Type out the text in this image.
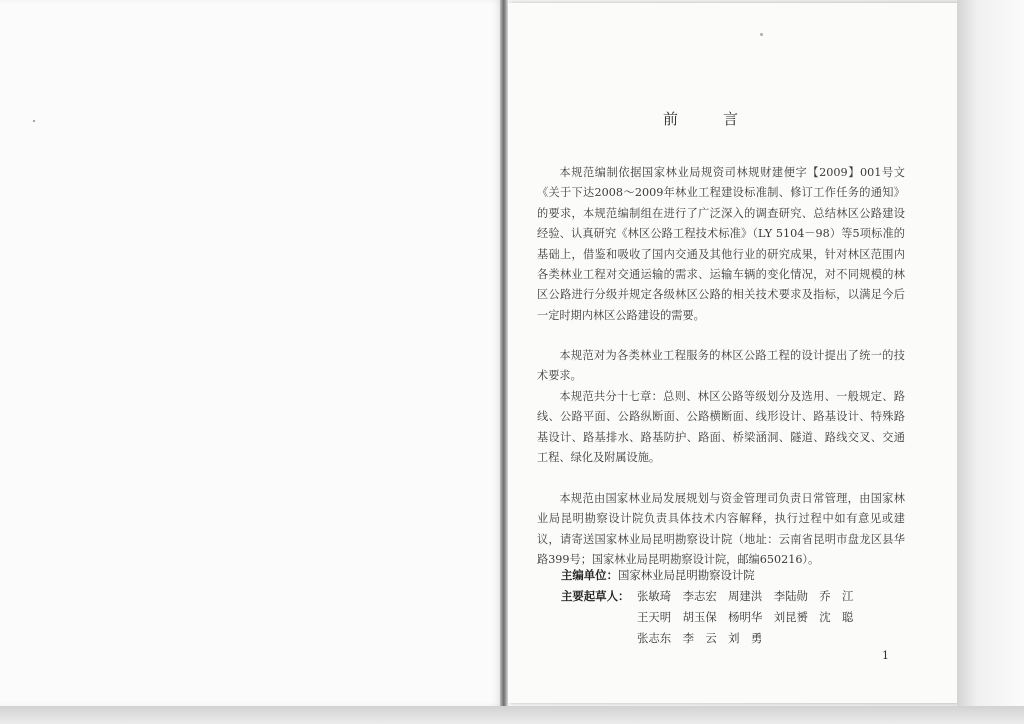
前　言

本规范编制依据国家林业局规资司林规财建便字【2009】001号文《关于下达2008～2009年林业工程建设标准制、修订工作任务的通知》的要求，本规范编制组在进行了广泛深入的调查研究、总结林区公路建设经验、认真研究《林区公路工程技术标准》（LY 5104－98）等5项标准的基础上，借鉴和吸收了国内交通及其他行业的研究成果，针对林区范围内各类林业工程对交通运输的需求、运输车辆的变化情况，对不同规模的林区公路进行分级并规定各级林区公路的相关技术要求及指标，以满足今后一定时期内林区公路建设的需要。

本规范对为各类林业工程服务的林区公路工程的设计提出了统一的技术要求。

本规范共分十七章：总则、林区公路等级划分及选用、一般规定、路线、公路平面、公路纵断面、公路横断面、线形设计、路基设计、特殊路基设计、路基排水、路基防护、路面、桥梁涵洞、隧道、路线交叉、交通工程、绿化及附属设施。

本规范由国家林业局发展规划与资金管理司负责日常管理，由国家林业局昆明勘察设计院负责具体技术内容解释，执行过程中如有意见或建议，请寄送国家林业局昆明勘察设计院（地址：云南省昆明市盘龙区县华路399号；国家林业局昆明勘察设计院，邮编650216）。

主编单位：国家林业局昆明勘察设计院
主要起草人： 张敏琦　李志宏　周建洪　李陆勋　乔　江
王天明　胡玉保　杨明华　刘昆赟　沈　聪
张志东　李　云　刘　勇
1
